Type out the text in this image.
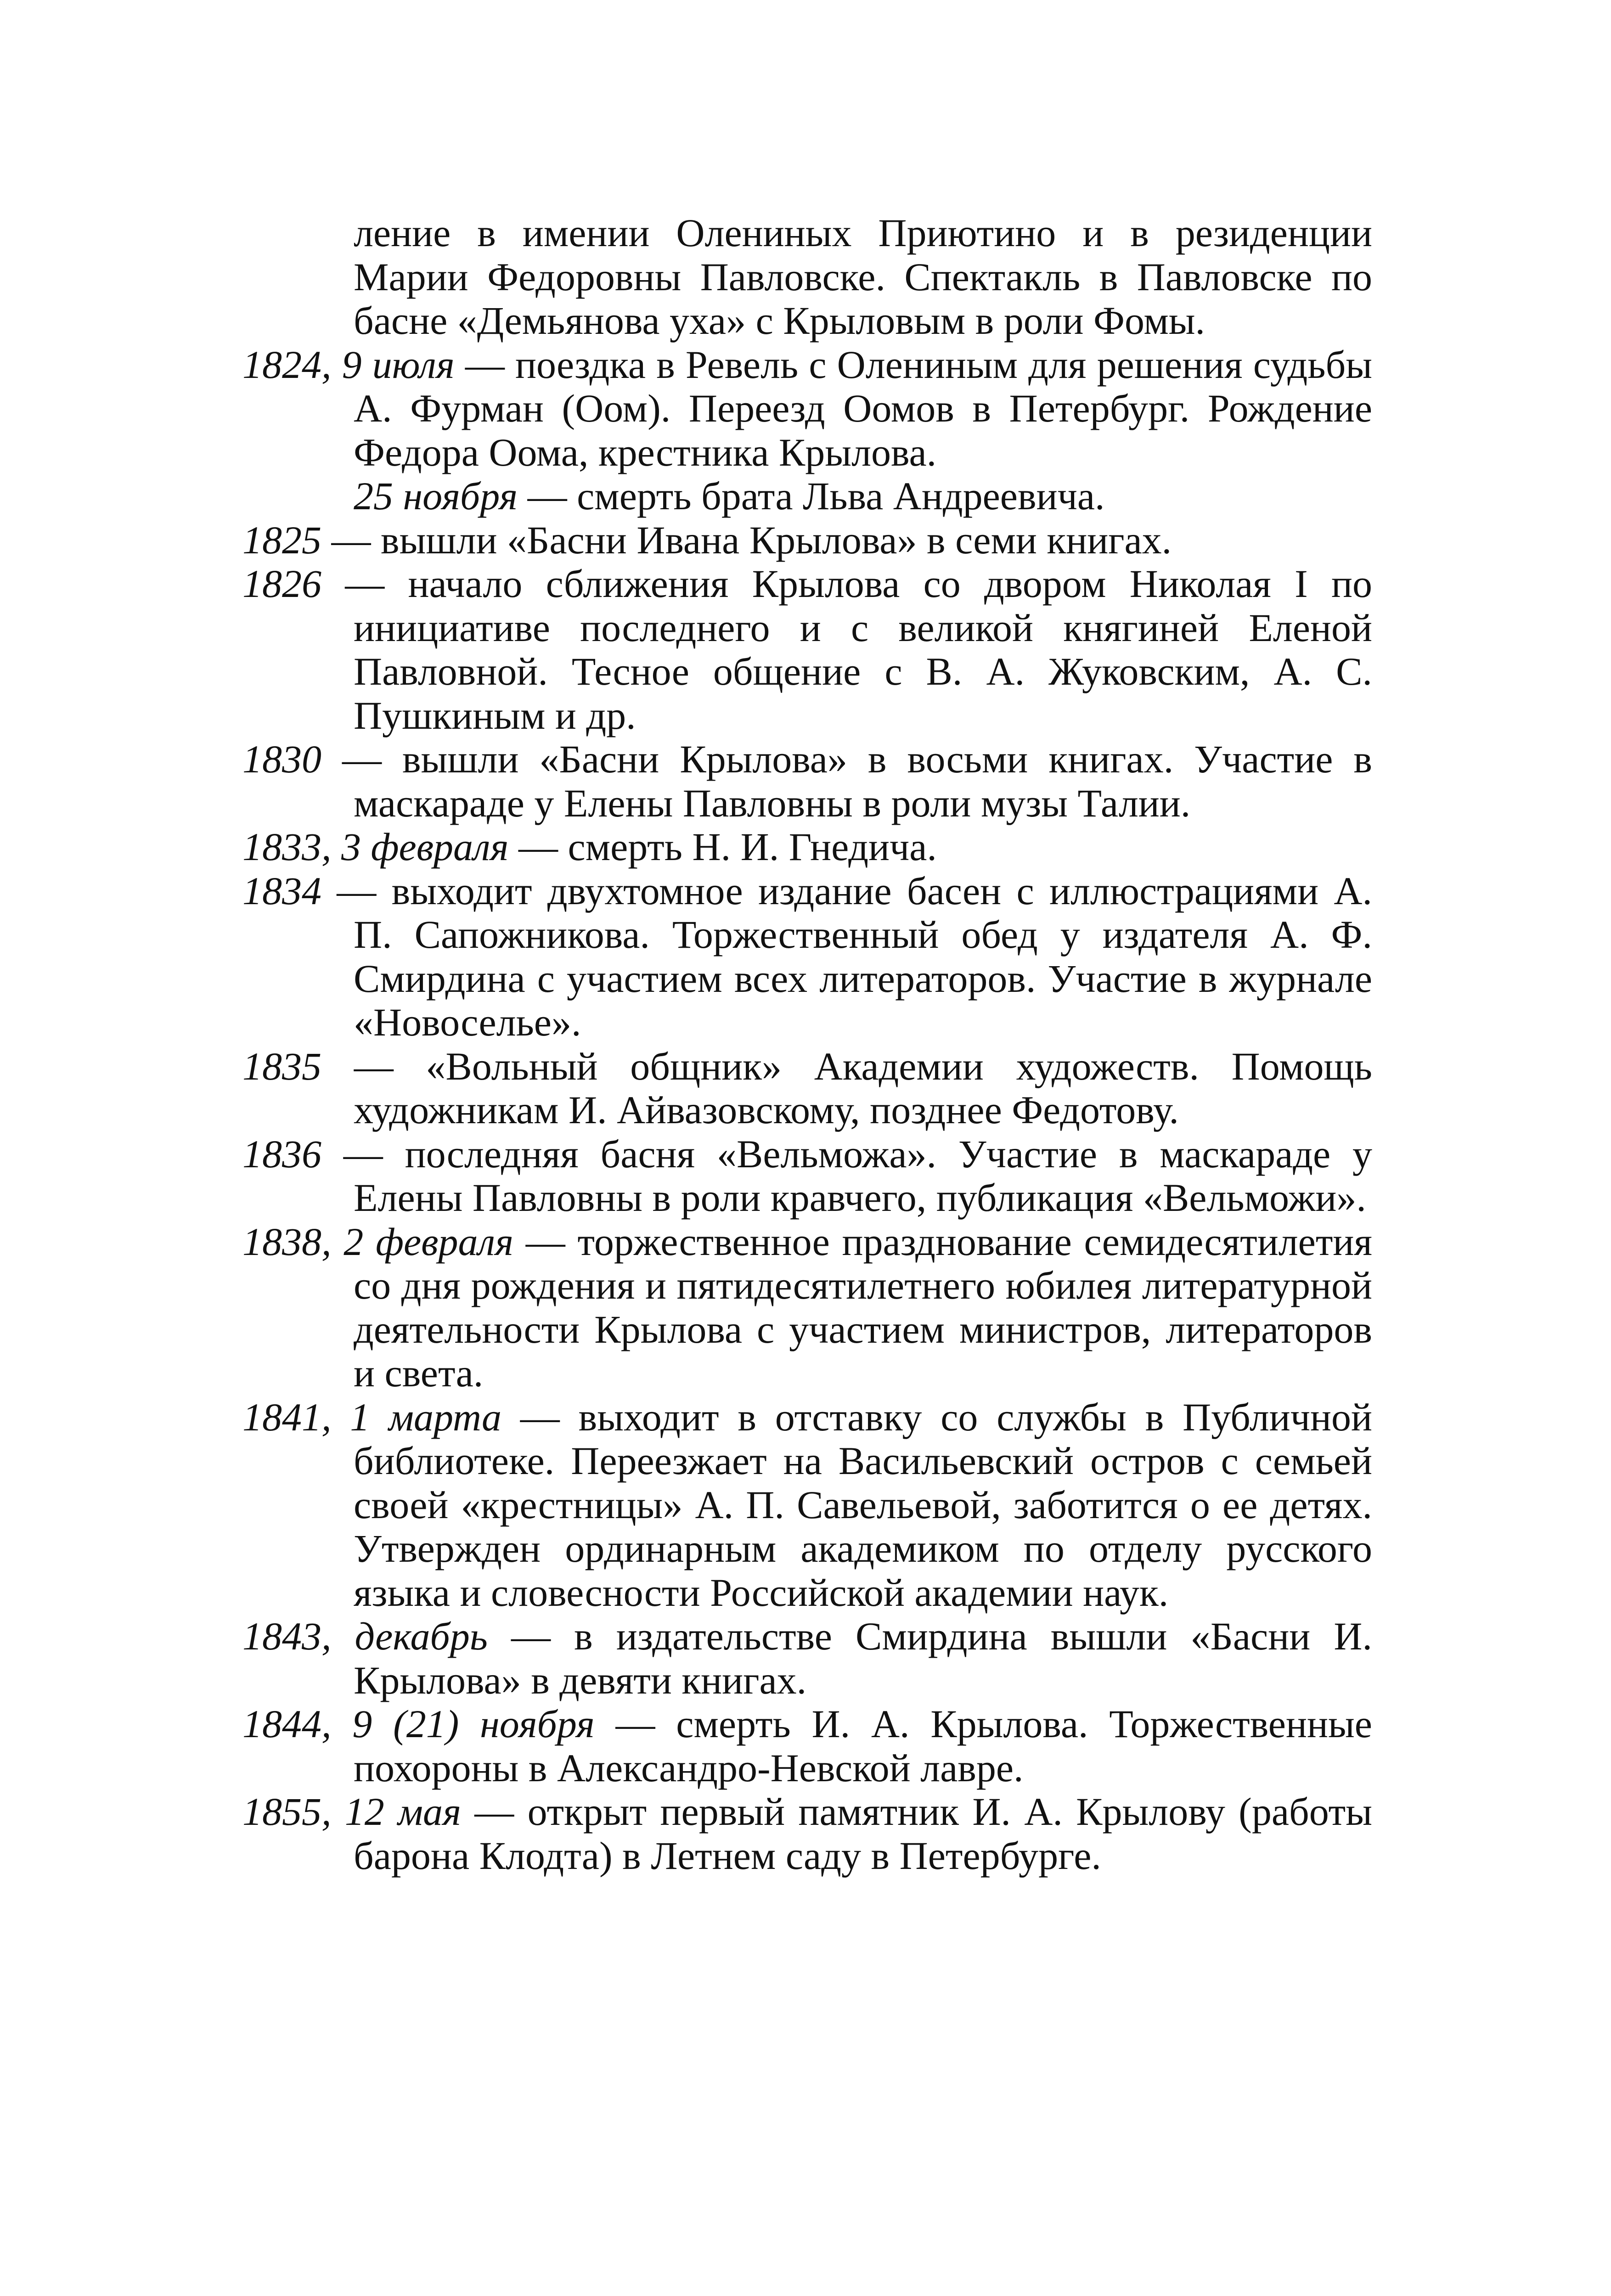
ление в имении Олениных Приютино и в резиденции Марии Федоровны Павловске. Спектакль в Павловске по басне «Демьянова уха» с Крыловым в роли Фомы.

1824, 9 июля — поездка в Ревель с Олениным для решения судьбы А. Фурман (Оом). Переезд Оомов в Петербург. Рождение Федора Оома, крестника Крылова.

25 ноября — смерть брата Льва Андреевича.

1825 — вышли «Басни Ивана Крылова» в семи книгах.

1826 — начало сближения Крылова со двором Николая I по инициативе последнего и с великой княгиней Еленой Павловной. Тесное общение с В. А. Жуковским, А. С. Пушкиным и др.

1830 — вышли «Басни Крылова» в восьми книгах. Участие в маскараде у Елены Павловны в роли музы Талии.

1833, 3 февраля — смерть Н. И. Гнедича.

1834 — выходит двухтомное издание басен с иллюстрациями А. П. Сапожникова. Торжественный обед у издателя А. Ф. Смирдина с участием всех литераторов. Участие в журнале «Новоселье».

1835 — «Вольный общник» Академии художеств. Помощь художникам И. Айвазовскому, позднее Федотову.

1836 — последняя басня «Вельможа». Участие в маскараде у Елены Павловны в роли кравчего, публикация «Вельможи».

1838, 2 февраля — торжественное празднование семидесятилетия со дня рождения и пятидесятилетнего юбилея литературной деятельности Крылова с участием министров, литераторов и света.

1841, 1 марта — выходит в отставку со службы в Публичной библиотеке. Переезжает на Васильевский остров с семьей своей «крестницы» А. П. Савельевой, заботится о ее детях. Утвержден ординарным академиком по отделу русского языка и словесности Российской академии наук.

1843, декабрь — в издательстве Смирдина вышли «Басни И. Крылова» в девяти книгах.

1844, 9 (21) ноября — смерть И. А. Крылова. Торжественные похороны в Александро-Невской лавре.

1855, 12 мая — открыт первый памятник И. А. Крылову (работы барона Клодта) в Летнем саду в Петербурге.
